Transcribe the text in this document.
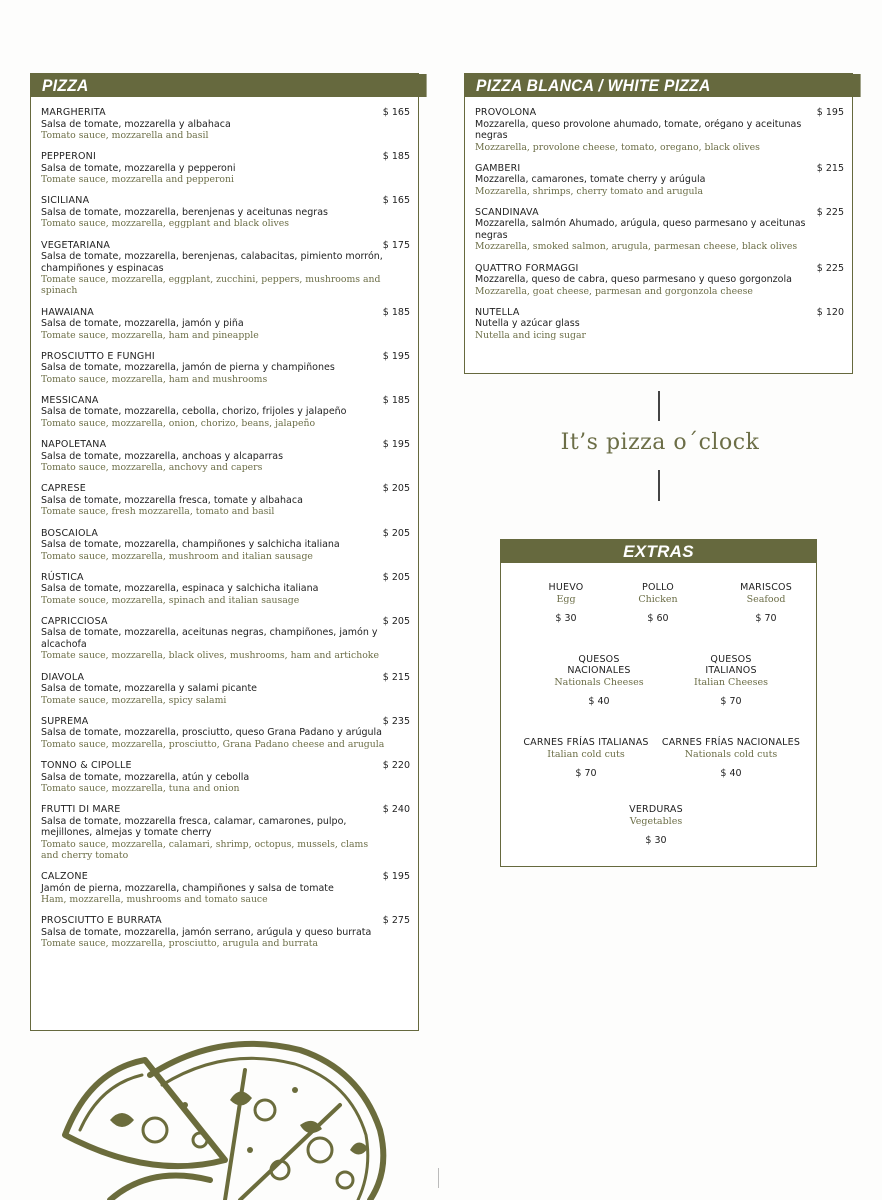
PIZZA
MARGHERITA	$ 165
Salsa de tomate, mozzarella y albahaca
Tomato sauce, mozzarella and basil
PEPPERONI	$ 185
Salsa de tomate, mozzarella y pepperoni
Tomate sauce, mozzarella and pepperoni
SICILIANA	$ 165
Salsa de tomate, mozzarella, berenjenas y aceitunas negras
Tomato sauce, mozzarella, eggplant and black olives
VEGETARIANA	$ 175
Salsa de tomate, mozzarella, berenjenas, calabacitas, pimiento morrón, champiñones y espinacas
Tomate sauce, mozzarella, eggplant, zucchini, peppers, mushrooms and spinach
HAWAIANA	$ 185
Salsa de tomate, mozzarella, jamón y piña
Tomate sauce, mozzarella, ham and pineapple
PROSCIUTTO E FUNGHI	$ 195
Salsa de tomate, mozzarella, jamón de pierna y champiñones
Tomato sauce, mozzarella, ham and mushrooms
MESSICANA	$ 185
Salsa de tomate, mozzarella, cebolla, chorizo, frijoles y jalapeño
Tomato sauce, mozzarella, onion, chorizo, beans, jalapeño
NAPOLETANA	$ 195
Salsa de tomate, mozzarella, anchoas y alcaparras
Tomato sauce, mozzarella, anchovy and capers
CAPRESE	$ 205
Salsa de tomate, mozzarella fresca, tomate y albahaca
Tomate sauce, fresh mozzarella, tomato and basil
BOSCAIOLA	$ 205
Salsa de tomate, mozzarella, champiñones y salchicha italiana
Tomato sauce, mozzarella, mushroom and italian sausage
RÚSTICA	$ 205
Salsa de tomate, mozzarella, espinaca y salchicha italiana
Tomate souce, mozzarella, spinach and italian sausage
CAPRICCIOSA	$ 205
Salsa de tomate, mozzarella, aceitunas negras, champiñones, jamón y alcachofa
Tomate sauce, mozzarella, black olives, mushrooms, ham and artichoke
DIAVOLA	$ 215
Salsa de tomate, mozzarella y salami picante
Tomate sauce, mozzarella, spicy salami
SUPREMA	$ 235
Salsa de tomate, mozzarella, prosciutto, queso Grana Padano y arúgula
Tomato sauce, mozzarella, prosciutto, Grana Padano cheese and arugula
TONNO & CIPOLLE	$ 220
Salsa de tomate, mozzarella, atún y cebolla
Tomato sauce, mozzarella, tuna and onion
FRUTTI DI MARE	$ 240
Salsa de tomate, mozzarella fresca, calamar, camarones, pulpo, mejillones, almejas y tomate cherry
Tomato sauce, mozzarella, calamari, shrimp, octopus, mussels, clams and cherry tomato
CALZONE	$ 195
Jamón de pierna, mozzarella, champiñones y salsa de tomate
Ham, mozzarella, mushrooms and tomato sauce
PROSCIUTTO E BURRATA	$ 275
Salsa de tomate, mozzarella, jamón serrano, arúgula y queso burrata
Tomate sauce, mozzarella, prosciutto, arugula and burrata
PIZZA BLANCA / WHITE PIZZA
PROVOLONA	$ 195
Mozzarella, queso provolone ahumado, tomate, orégano y aceitunas negras
Mozzarella, provolone cheese, tomato, oregano, black olives
GAMBERI	$ 215
Mozzarella, camarones, tomate cherry y arúgula
Mozzarella, shrimps, cherry tomato and arugula
SCANDINAVA	$ 225
Mozzarella, salmón Ahumado, arúgula, queso parmesano y aceitunas negras
Mozzarella, smoked salmon, arugula, parmesan cheese, black olives
QUATTRO FORMAGGI	$ 225
Mozzarella, queso de cabra, queso parmesano y queso gorgonzola
Mozzarella, goat cheese, parmesan and gorgonzola cheese
NUTELLA	$ 120
Nutella y azúcar glass
Nutella and icing sugar
It’s pizza o´clock
EXTRAS
HUEVO
Egg
$ 30
POLLO
Chicken
$ 60
MARISCOS
Seafood
$ 70
QUESOS NACIONALES
Nationals Cheeses
$ 40
QUESOS ITALIANOS
Italian Cheeses
$ 70
CARNES FRÍAS ITALIANAS
Italian cold cuts
$ 70
CARNES FRÍAS NACIONALES
Nationals cold cuts
$ 40
VERDURAS
Vegetables
$ 30
